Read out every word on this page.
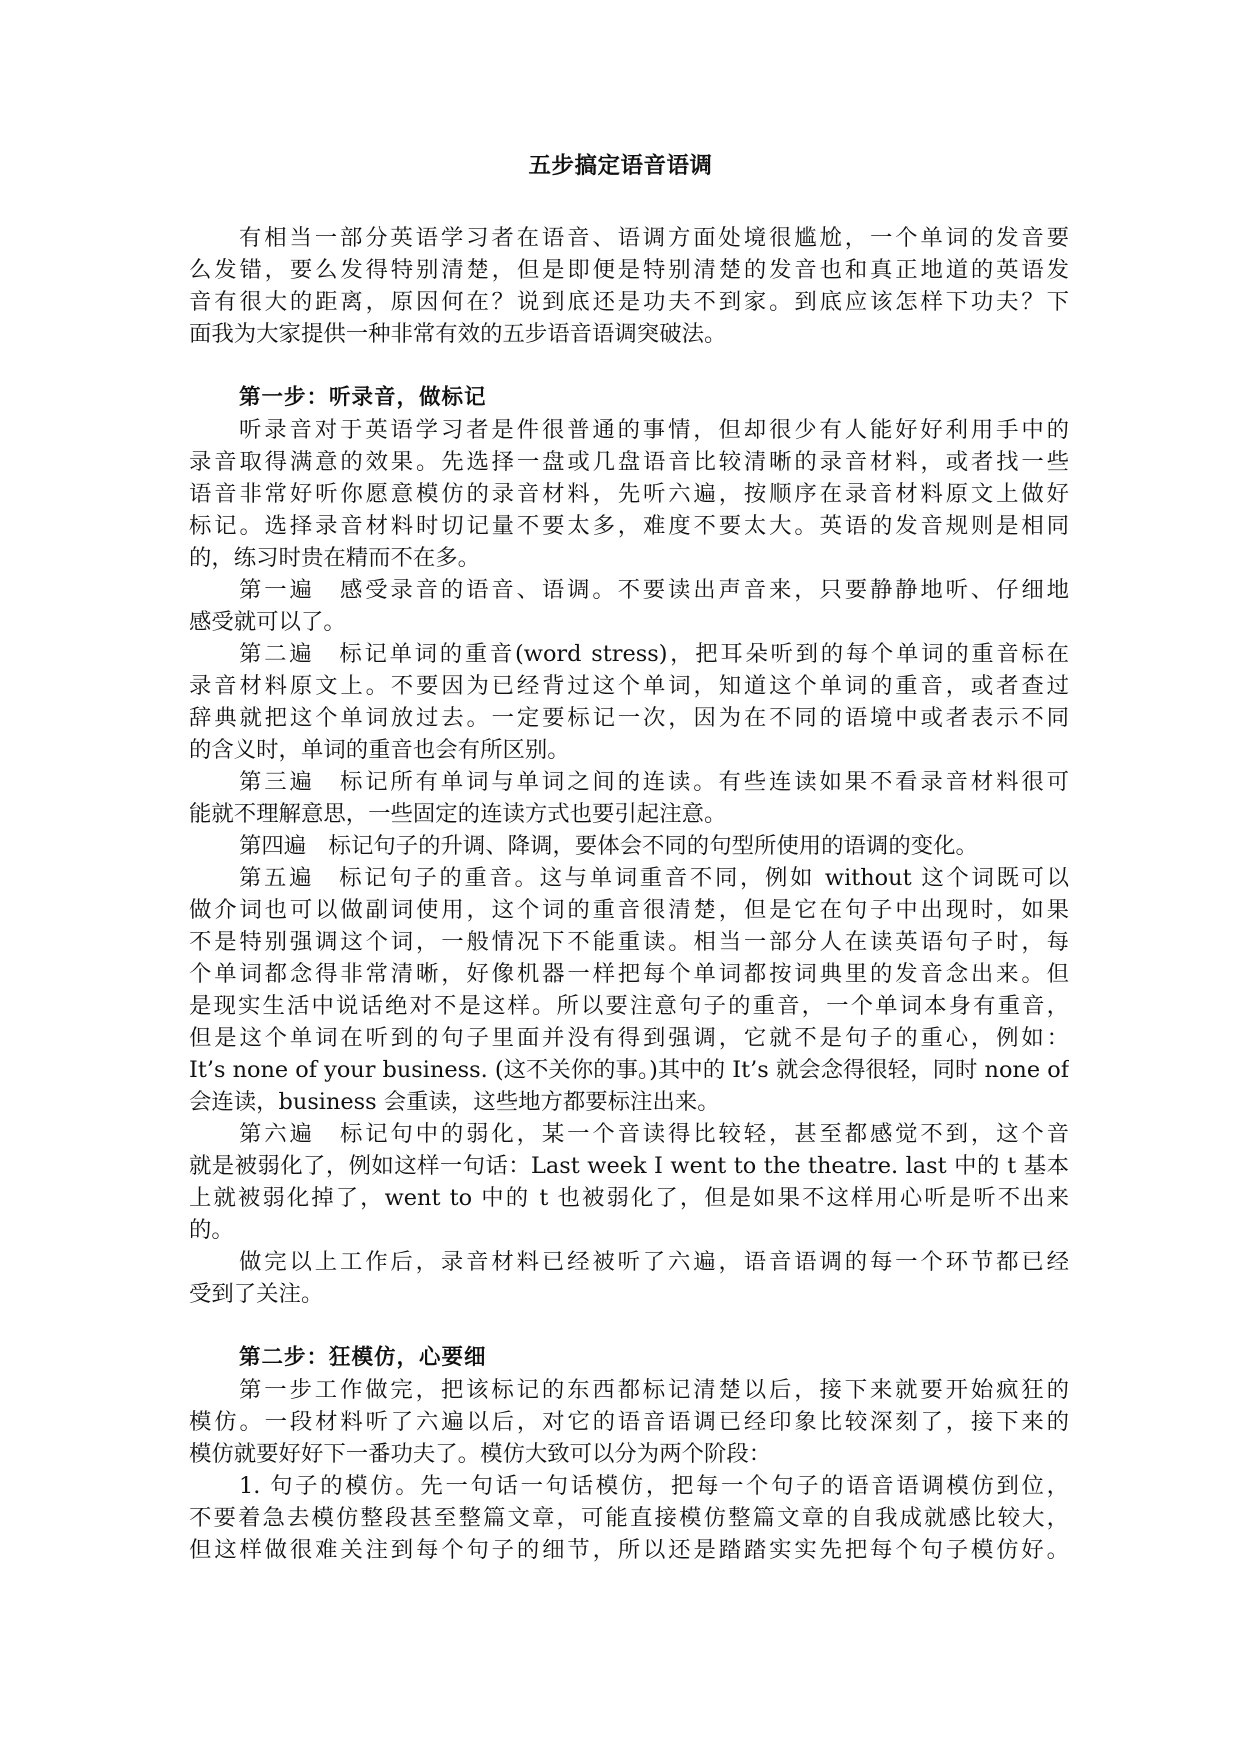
五步搞定语音语调
有相当一部分英语学习者在语音、语调方面处境很尴尬，一个单词的发音要
么发错，要么发得特别清楚，但是即便是特别清楚的发音也和真正地道的英语发
音有很大的距离，原因何在？说到底还是功夫不到家。到底应该怎样下功夫？下
面我为大家提供一种非常有效的五步语音语调突破法。
第一步：听录音，做标记
听录音对于英语学习者是件很普通的事情，但却很少有人能好好利用手中的
录音取得满意的效果。先选择一盘或几盘语音比较清晰的录音材料，或者找一些
语音非常好听你愿意模仿的录音材料，先听六遍，按顺序在录音材料原文上做好
标记。选择录音材料时切记量不要太多，难度不要太大。英语的发音规则是相同
的，练习时贵在精而不在多。
第一遍　感受录音的语音、语调。不要读出声音来，只要静静地听、仔细地
感受就可以了。
第二遍　标记单词的重音(word stress)，把耳朵听到的每个单词的重音标在
录音材料原文上。不要因为已经背过这个单词，知道这个单词的重音，或者查过
辞典就把这个单词放过去。一定要标记一次，因为在不同的语境中或者表示不同
的含义时，单词的重音也会有所区别。
第三遍　标记所有单词与单词之间的连读。有些连读如果不看录音材料很可
能就不理解意思，一些固定的连读方式也要引起注意。
第四遍　标记句子的升调、降调，要体会不同的句型所使用的语调的变化。
第五遍　标记句子的重音。这与单词重音不同，例如 without 这个词既可以
做介词也可以做副词使用，这个词的重音很清楚，但是它在句子中出现时，如果
不是特别强调这个词，一般情况下不能重读。相当一部分人在读英语句子时，每
个单词都念得非常清晰，好像机器一样把每个单词都按词典里的发音念出来。但
是现实生活中说话绝对不是这样。所以要注意句子的重音，一个单词本身有重音，
但是这个单词在听到的句子里面并没有得到强调，它就不是句子的重心，例如：
It’s none of your business. (这不关你的事。)其中的 It’s 就会念得很轻，同时 none of
会连读，business 会重读，这些地方都要标注出来。
第六遍　标记句中的弱化，某一个音读得比较轻，甚至都感觉不到，这个音
就是被弱化了，例如这样一句话：Last week I went to the theatre. last 中的 t 基本
上就被弱化掉了，went to 中的 t 也被弱化了，但是如果不这样用心听是听不出来
的。
做完以上工作后，录音材料已经被听了六遍，语音语调的每一个环节都已经
受到了关注。
第二步：狂模仿，心要细
第一步工作做完，把该标记的东西都标记清楚以后，接下来就要开始疯狂的
模仿。一段材料听了六遍以后，对它的语音语调已经印象比较深刻了，接下来的
模仿就要好好下一番功夫了。模仿大致可以分为两个阶段：
1. 句子的模仿。先一句话一句话模仿，把每一个句子的语音语调模仿到位，
不要着急去模仿整段甚至整篇文章，可能直接模仿整篇文章的自我成就感比较大，
但这样做很难关注到每个句子的细节，所以还是踏踏实实先把每个句子模仿好。
